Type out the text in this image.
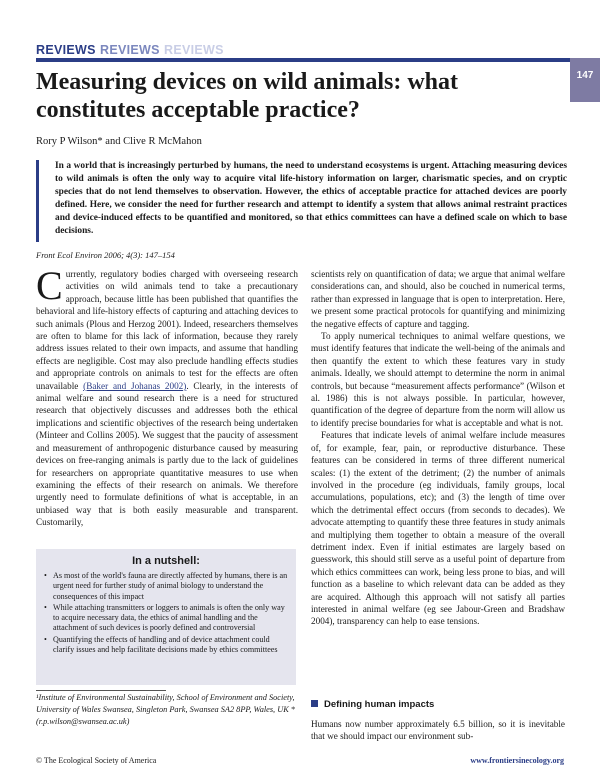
REVIEWS REVIEWS REVIEWS
147
Measuring devices on wild animals: what constitutes acceptable practice?
Rory P Wilson* and Clive R McMahon

In a world that is increasingly perturbed by humans, the need to understand ecosystems is urgent. Attaching measuring devices to wild animals is often the only way to acquire vital life-history information on larger, charismatic species, and on cryptic species that do not lend themselves to observation. However, the ethics of acceptable practice for attached devices are poorly defined. Here, we consider the need for further research and attempt to identify a system that allows animal restraint practices and device-induced effects to be quantified and monitored, so that ethics committees can have a defined scale on which to base decisions.

Front Ecol Environ 2006; 4(3): 147–154

Currently, regulatory bodies charged with overseeing research activities on wild animals tend to take a precautionary approach, because little has been published that quantifies the behavioral and life-history effects of capturing and attaching devices to such animals (Plous and Herzog 2001). Indeed, researchers themselves are often to blame for this lack of information, because they rarely address issues related to their own impacts, and assume that handling effects are negligible. Cost may also preclude handling effects studies and appropriate controls on animals to test for the effects are often unavailable (Baker and Johanas 2002). Clearly, in the interests of animal welfare and sound research there is a need for structured research that objectively discusses and addresses both the ethical implications and scientific objectives of the research being undertaken (Minteer and Collins 2005). We suggest that the paucity of assessment and measurement of anthropogenic disturbance caused by measuring devices on free-ranging animals is partly due to the lack of guidelines for researchers on appropriate quantitative measures to use when examining the effects of their research on animals. We therefore urgently need to formulate definitions of what is acceptable, in an unbiased way that is both easily measurable and transparent. Customarily,

In a nutshell:
• As most of the world's fauna are directly affected by humans, there is an urgent need for further study of animal biology to understand the consequences of this impact
• While attaching transmitters or loggers to animals is often the only way to acquire necessary data, the ethics of animal handling and the attachment of such devices is poorly defined and controversial
• Quantifying the effects of handling and of device attachment could clarify issues and help facilitate decisions made by ethics committees
¹Institute of Environmental Sustainability, School of Environment and Society, University of Wales Swansea, Singleton Park, Swansea SA2 8PP, Wales, UK *(r.p.wilson@swansea.ac.uk)

scientists rely on quantification of data; we argue that animal welfare considerations can, and should, also be couched in numerical terms, rather than expressed in language that is open to interpretation. Here, we present some practical protocols for quantifying and minimizing the negative effects of capture and tagging.

To apply numerical techniques to animal welfare questions, we must identify features that indicate the well-being of the animals and then quantify the extent to which these features vary in study animals. Ideally, we should attempt to determine the norm in animal controls, but because “measurement affects performance” (Wilson et al. 1986) this is not always possible. In particular, however, quantification of the degree of departure from the norm will allow us to identify precise boundaries for what is acceptable and what is not.

Features that indicate levels of animal welfare include measures of, for example, fear, pain, or reproductive disturbance. These features can be considered in terms of three different numerical scales: (1) the extent of the detriment; (2) the number of animals involved in the procedure (eg individuals, family groups, local accumulations, populations, etc); and (3) the length of time over which the detrimental effect occurs (from seconds to decades). We advocate attempting to quantify these three features in study animals and multiplying them together to obtain a measure of the overall detriment index. Even if initial estimates are largely based on guesswork, this should still serve as a useful point of departure from which ethics committees can work, being less prone to bias, and will function as a baseline to which relevant data can be added as they are acquired. Although this approach will not satisfy all parties interested in animal welfare (eg see Jabour-Green and Bradshaw 2004), transparency can help to ease tensions.

Defining human impacts

Humans now number approximately 6.5 billion, so it is inevitable that we should impact our environment sub-

© The Ecological Society of America	www.frontiersinecology.org
